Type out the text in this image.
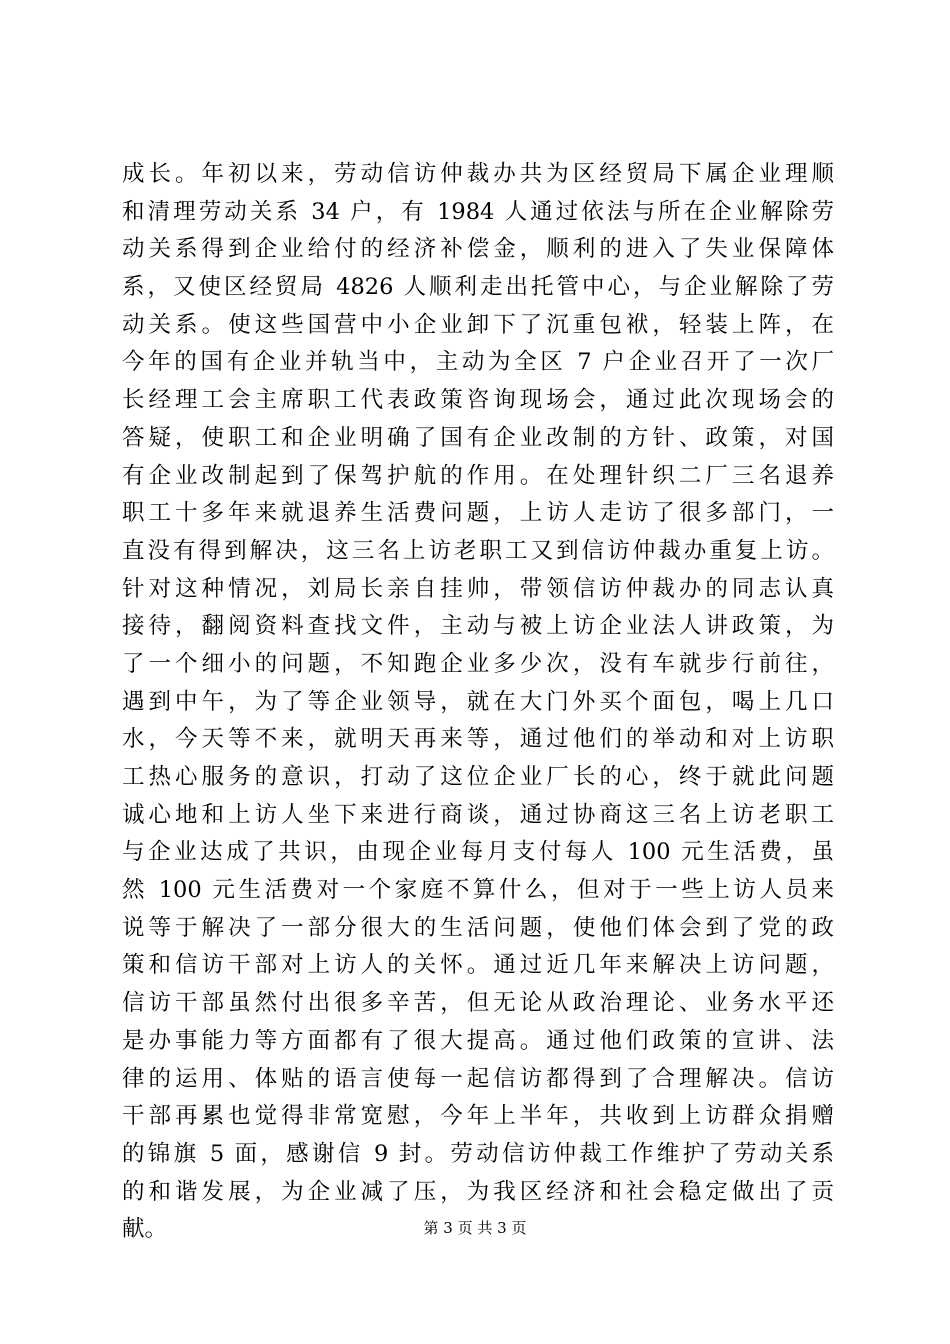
成长。年初以来，劳动信访仲裁办共为区经贸局下属企业理顺
和清理劳动关系 34 户，有 1984 人通过依法与所在企业解除劳
动关系得到企业给付的经济补偿金，顺利的进入了失业保障体
系，又使区经贸局 4826 人顺利走出托管中心，与企业解除了劳
动关系。使这些国营中小企业卸下了沉重包袱，轻装上阵，在
今年的国有企业并轨当中，主动为全区 7 户企业召开了一次厂
长经理工会主席职工代表政策咨询现场会，通过此次现场会的
答疑，使职工和企业明确了国有企业改制的方针、政策，对国
有企业改制起到了保驾护航的作用。在处理针织二厂三名退养
职工十多年来就退养生活费问题，上访人走访了很多部门，一
直没有得到解决，这三名上访老职工又到信访仲裁办重复上访。
针对这种情况，刘局长亲自挂帅，带领信访仲裁办的同志认真
接待，翻阅资料查找文件，主动与被上访企业法人讲政策，为
了一个细小的问题，不知跑企业多少次，没有车就步行前往，
遇到中午，为了等企业领导，就在大门外买个面包，喝上几口
水，今天等不来，就明天再来等，通过他们的举动和对上访职
工热心服务的意识，打动了这位企业厂长的心，终于就此问题
诚心地和上访人坐下来进行商谈，通过协商这三名上访老职工
与企业达成了共识，由现企业每月支付每人 100 元生活费，虽
然 100 元生活费对一个家庭不算什么，但对于一些上访人员来
说等于解决了一部分很大的生活问题，使他们体会到了党的政
策和信访干部对上访人的关怀。通过近几年来解决上访问题，
信访干部虽然付出很多辛苦，但无论从政治理论、业务水平还
是办事能力等方面都有了很大提高。通过他们政策的宣讲、法
律的运用、体贴的语言使每一起信访都得到了合理解决。信访
干部再累也觉得非常宽慰，今年上半年，共收到上访群众捐赠
的锦旗 5 面，感谢信 9 封。劳动信访仲裁工作维护了劳动关系
的和谐发展，为企业减了压，为我区经济和社会稳定做出了贡
献。	第 3 页 共 3 页
